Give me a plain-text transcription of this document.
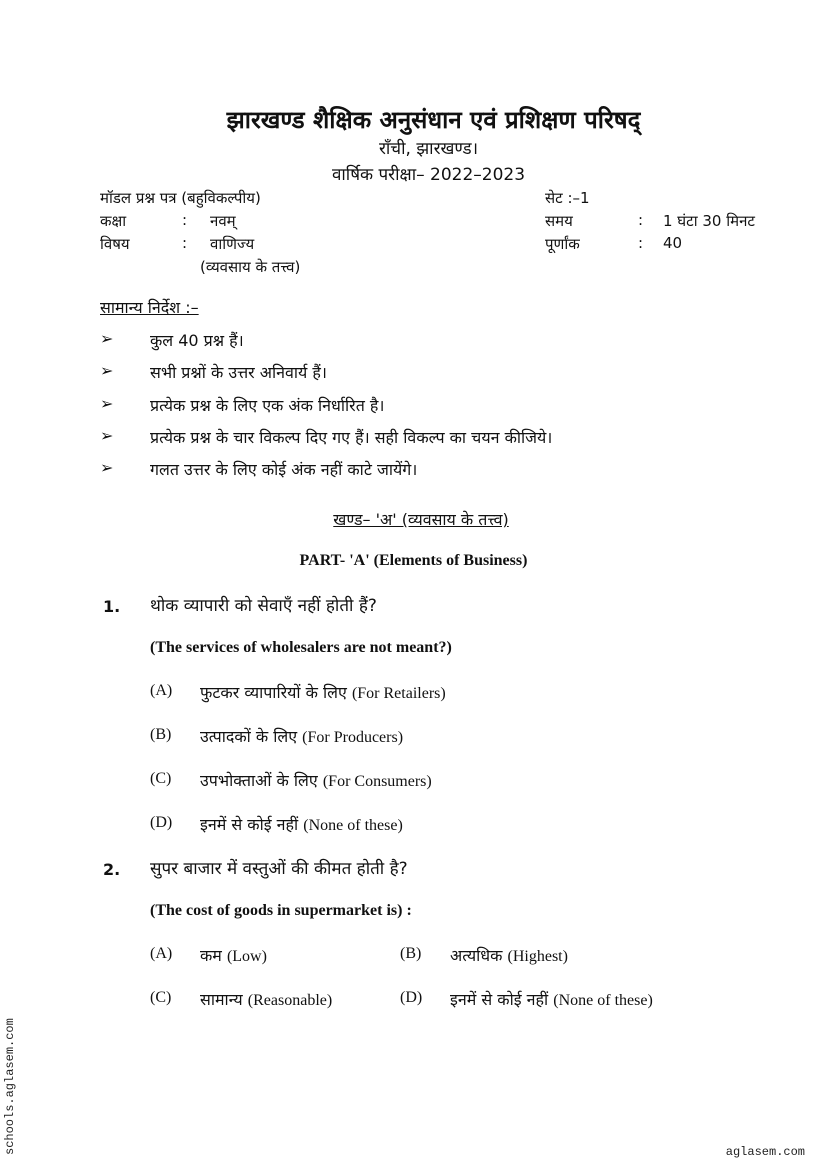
झारखण्ड शैक्षिक अनुसंधान एवं प्रशिक्षण परिषद्
राँची, झारखण्ड।
वार्षिक परीक्षा– 2022–2023
मॉडल प्रश्न पत्र (बहुविकल्पीय)	सेट :–1
कक्षा	: नवम्	समय	: 1 घंटा 30 मिनट
विषय	: वाणिज्य	पूर्णांक	: 40
(व्यवसाय के तत्त्व)
सामान्य निर्देश :–
➢ कुल 40 प्रश्न हैं।
➢ सभी प्रश्नों के उत्तर अनिवार्य हैं।
➢ प्रत्येक प्रश्न के लिए एक अंक निर्धारित है।
➢ प्रत्येक प्रश्न के चार विकल्प दिए गए हैं। सही विकल्प का चयन कीजिये।
➢ गलत उत्तर के लिए कोई अंक नहीं काटे जायेंगे।
खण्ड– 'अ' (व्यवसाय के तत्त्व)
PART- 'A' (Elements of Business)
1. थोक व्यापारी को सेवाएँ नहीं होती हैं?
(The services of wholesalers are not meant?)
(A) फुटकर व्यापारियों के लिए (For Retailers)
(B) उत्पादकों के लिए (For Producers)
(C) उपभोक्ताओं के लिए (For Consumers)
(D) इनमें से कोई नहीं (None of these)
2. सुपर बाजार में वस्तुओं की कीमत होती है?
(The cost of goods in supermarket is) :
(A) कम (Low)	(B) अत्यधिक (Highest)
(C) सामान्य (Reasonable)	(D) इनमें से कोई नहीं (None of these)
schools.aglasem.com	aglasem.com
